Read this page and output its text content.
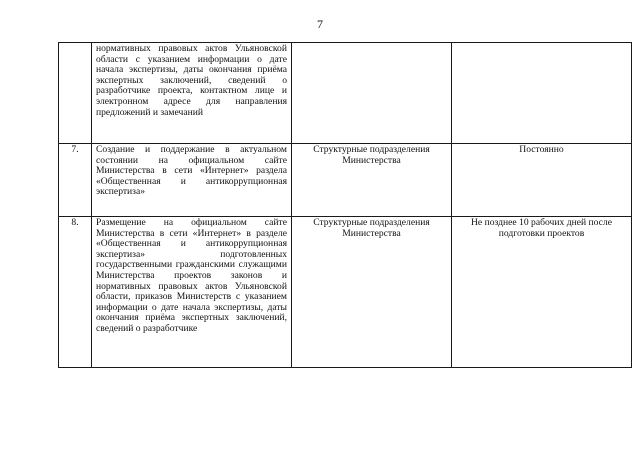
7
	нормативных правовых актов Ульяновской области с указанием информации о дате начала экспертизы, даты окончания приёма экспертных заключений, сведений о разработчике проекта, контактном лице и электронном адресе для направления предложений и замечаний		
7.	Создание и поддержание в актуальном состоянии на официальном сайте Министерства в сети «Интернет» раздела «Общественная и антикоррупционная экспертиза»	Структурные подразделения Министерства	Постоянно

8.	Размещение на официальном сайте Министерства в сети «Интернет» в разделе «Общественная и антикоррупционная экспертиза» подготовленных государственными гражданскими служащими Министерства проектов законов и нормативных правовых актов Ульяновской области, приказов Министерств с указанием информации о дате начала экспертизы, даты окончания приёма экспертных заключений, сведений о разработчике	Структурные подразделения Министерства	Не позднее 10 рабочих дней после подготовки проектов
